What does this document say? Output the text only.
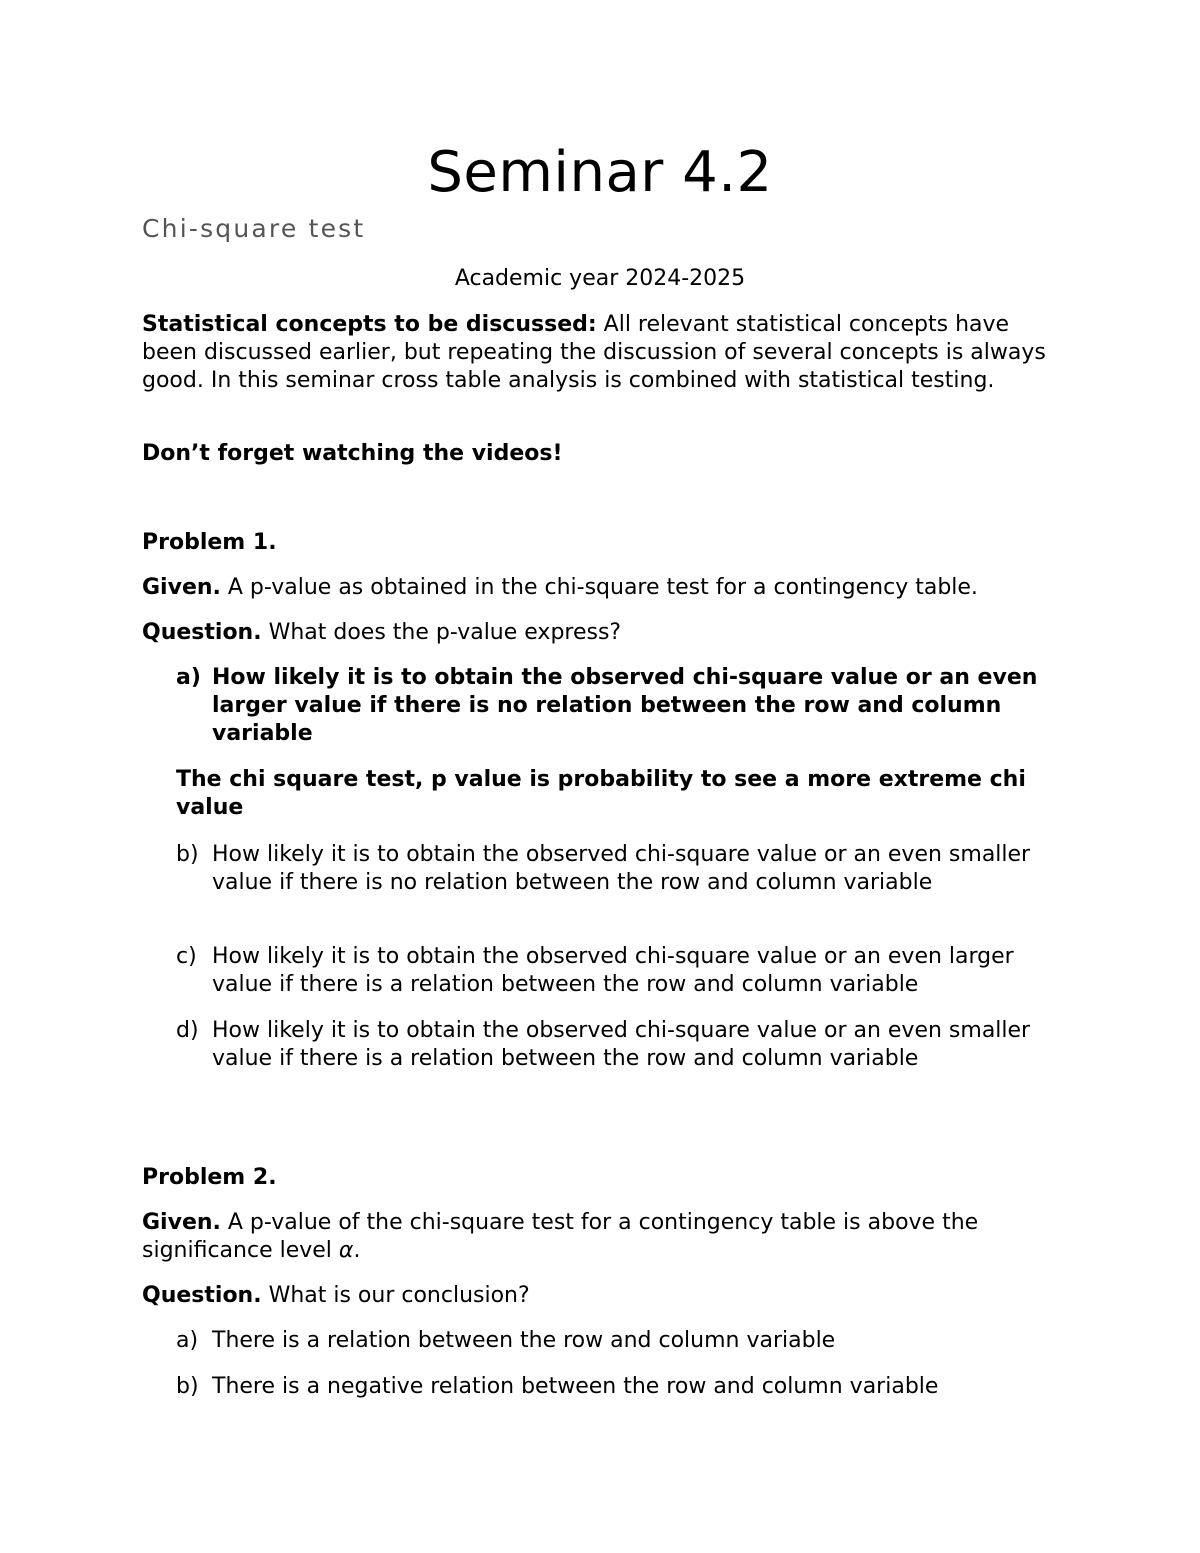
Seminar 4.2
Chi-square test
Academic year 2024-2025
Statistical concepts to be discussed: All relevant statistical concepts have been discussed earlier, but repeating the discussion of several concepts is always good. In this seminar cross table analysis is combined with statistical testing.
Don’t forget watching the videos!
Problem 1.
Given. A p-value as obtained in the chi-square test for a contingency table.
Question. What does the p-value express?
a) How likely it is to obtain the observed chi-square value or an even larger value if there is no relation between the row and column variable
The chi square test, p value is probability to see a more extreme chi value
b) How likely it is to obtain the observed chi-square value or an even smaller value if there is no relation between the row and column variable
c) How likely it is to obtain the observed chi-square value or an even larger value if there is a relation between the row and column variable
d) How likely it is to obtain the observed chi-square value or an even smaller value if there is a relation between the row and column variable
Problem 2.
Given. A p-value of the chi-square test for a contingency table is above the significance level α.
Question. What is our conclusion?
a) There is a relation between the row and column variable
b) There is a negative relation between the row and column variable
